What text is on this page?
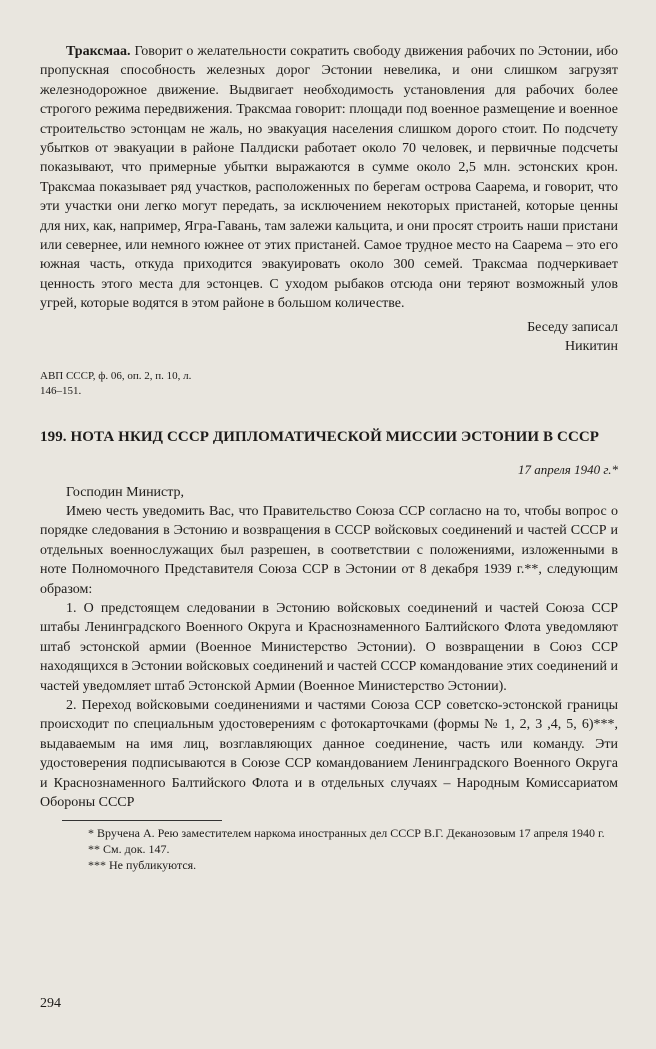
Траксмаа. Говорит о желательности сократить свободу движения рабочих по Эстонии, ибо пропускная способность железных дорог Эстонии невелика, и они слишком загрузят железнодорожное движение. Выдвигает необходимость установления для рабочих более строгого режима передвижения. Траксмаа говорит: площади под военное размещение и военное строительство эстонцам не жаль, но эвакуация населения слишком дорого стоит. По подсчету убытков от эвакуации в районе Палдиски работает около 70 человек, и первичные подсчеты показывают, что примерные убытки выражаются в сумме около 2,5 млн. эстонских крон. Траксмаа показывает ряд участков, расположенных по берегам острова Саарема, и говорит, что эти участки они легко могут передать, за исключением некоторых пристаней, которые ценны для них, как, например, Ягра-Гавань, там залежи кальцита, и они просят строить наши пристани или севернее, или немного южнее от этих пристаней. Самое трудное место на Саарема – это его южная часть, откуда приходится эвакуировать около 300 семей. Траксмаа подчеркивает ценность этого места для эстонцев. С уходом рыбаков отсюда они теряют возможный улов угрей, которые водятся в этом районе в большом количестве.

Беседу записал
Никитин
АВП СССР, ф. 06, оп. 2, п. 10, л. 146–151.
199. НОТА НКИД СССР ДИПЛОМАТИЧЕСКОЙ МИССИИ ЭСТОНИИ В СССР
17 апреля 1940 г.*

Господин Министр,

Имею честь уведомить Вас, что Правительство Союза ССР согласно на то, чтобы вопрос о порядке следования в Эстонию и возвращения в СССР войсковых соединений и частей СССР и отдельных военнослужащих был разрешен, в соответствии с положениями, изложенными в ноте Полномочного Представителя Союза ССР в Эстонии от 8 декабря 1939 г.**, следующим образом:

1. О предстоящем следовании в Эстонию войсковых соединений и частей Союза ССР штабы Ленинградского Военного Округа и Краснознаменного Балтийского Флота уведомляют штаб эстонской армии (Военное Министерство Эстонии). О возвращении в Союз ССР находящихся в Эстонии войсковых соединений и частей СССР командование этих соединений и частей уведомляет штаб Эстонской Армии (Военное Министерство Эстонии).

2. Переход войсковыми соединениями и частями Союза ССР советско-эстонской границы происходит по специальным удостоверениям с фотокарточками (формы № 1, 2, 3 ,4, 5, 6)***, выдаваемым на имя лиц, возглавляющих данное соединение, часть или команду. Эти удостоверения подписываются в Союзе ССР командованием Ленинградского Военного Округа и Краснознаменного Балтийского Флота и в отдельных случаях – Народным Комиссариатом Обороны СССР

* Вручена А. Рею заместителем наркома иностранных дел СССР В.Г. Деканозовым 17 апреля 1940 г.
** См. док. 147.
*** Не публикуются.
294
